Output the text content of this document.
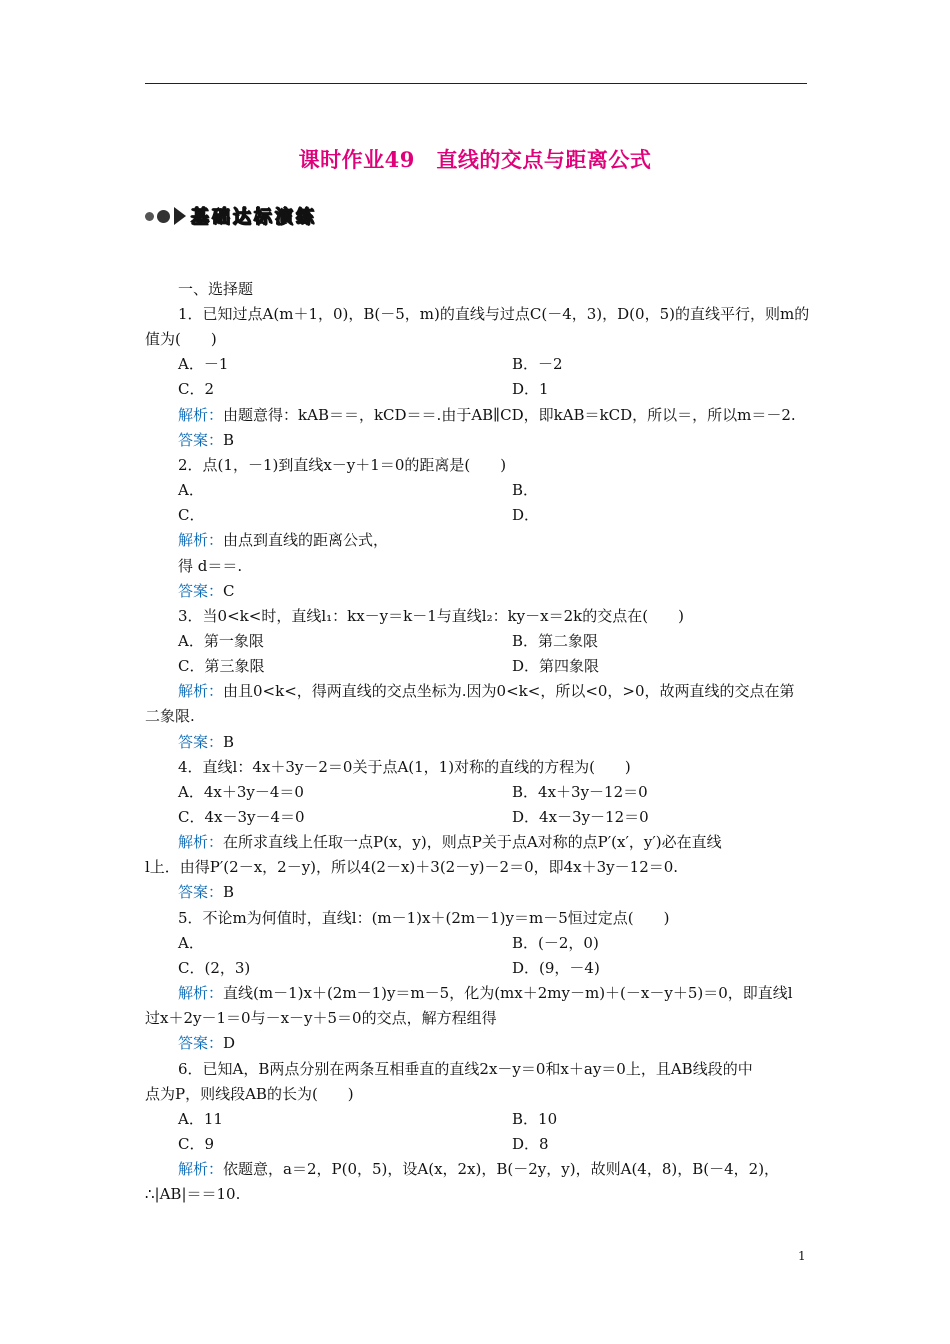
课时作业49　直线的交点与距离公式
基础达标演练
一、选择题
1．已知过点A(m＋1，0)，B(－5，m)的直线与过点C(－4，3)，D(0，5)的直线平行，则m的
值为(　　)
A．－1	B．－2
C．2	D．1
解析：由题意得：kAB＝＝，kCD＝＝.由于AB∥CD，即kAB＝kCD，所以＝，所以m＝－2.
答案：B
2．点(1，－1)到直线x－y＋1＝0的距离是(　　)
A．	B．
C．	D．
解析：由点到直线的距离公式，
得 d＝＝.
答案：C
3．当0<k<时，直线l₁：kx－y＝k－1与直线l₂：ky－x＝2k的交点在(　　)
A．第一象限	B．第二象限
C．第三象限	D．第四象限
解析：由且0<k<，得两直线的交点坐标为.因为0<k<，所以<0，>0，故两直线的交点在第
二象限.
答案：B
4．直线l：4x＋3y－2＝0关于点A(1，1)对称的直线的方程为(　　)
A．4x＋3y－4＝0	B．4x＋3y－12＝0
C．4x－3y－4＝0	D．4x－3y－12＝0
解析：在所求直线上任取一点P(x，y)，则点P关于点A对称的点P′(x′，y′)必在直线
l上．由得P′(2－x，2－y)，所以4(2－x)＋3(2－y)－2＝0，即4x＋3y－12＝0.
答案：B
5．不论m为何值时，直线l：(m－1)x＋(2m－1)y＝m－5恒过定点(　　)
A．	B．(－2，0)
C．(2，3)	D．(9，－4)
解析：直线(m－1)x＋(2m－1)y＝m－5，化为(mx＋2my－m)＋(－x－y＋5)＝0，即直线l
过x＋2y－1＝0与－x－y＋5＝0的交点，解方程组得
答案：D
6．已知A，B两点分别在两条互相垂直的直线2x－y＝0和x＋ay＝0上，且AB线段的中
点为P，则线段AB的长为(　　)
A．11	B．10
C．9	D．8
解析：依题意，a＝2，P(0，5)，设A(x，2x)，B(－2y，y)，故则A(4，8)，B(－4，2)，
∴|AB|＝＝10.
1
